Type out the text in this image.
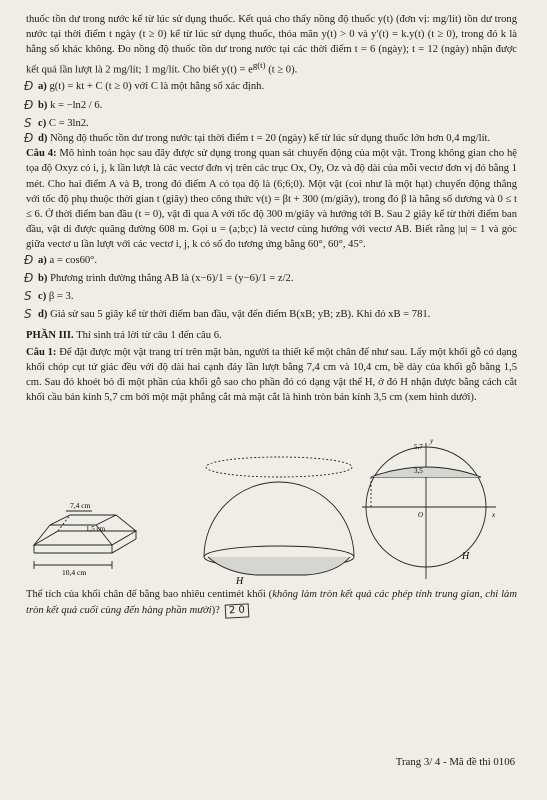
thuốc tồn dư trong nước kể từ lúc sử dụng thuốc. Kết quả cho thấy nồng độ thuốc y(t) (đơn vị: mg/lít) tồn dư trong nước tại thời điểm t ngày (t ≥ 0) kể từ lúc sử dụng thuốc, thỏa mãn y(t) > 0 và y′(t) = k.y(t) (t ≥ 0), trong đó k là hằng số khác không. Đo nồng độ thuốc tồn dư trong nước tại các thời điểm t = 6 (ngày); t = 12 (ngày) nhận được kết quả lần lượt là 2 mg/lít; 1 mg/lít. Cho biết $y(t) = e^{g(t)}$ (t ≥ 0).

Đ a) g(t) = kt + C (t ≥ 0) với C là một hằng số xác định.

Đ b) k = −ln2 / 6.

S c) C = 3ln2.

Đ d) Nồng độ thuốc tồn dư trong nước tại thời điểm t = 20 (ngày) kể từ lúc sử dụng thuốc lớn hơn 0,4 mg/lít.

Câu 4: Mô hình toán học sau đây được sử dụng trong quan sát chuyển động của một vật. Trong không gian cho hệ tọa độ Oxyz có i, j, k lần lượt là các vectơ đơn vị trên các trục Ox, Oy, Oz và độ dài của mỗi vectơ đơn vị đó bằng 1 mét. Cho hai điểm A và B, trong đó điểm A có tọa độ là (6;6;0). Một vật (coi như là một hạt) chuyển động thẳng với tốc độ phụ thuộc thời gian t (giây) theo công thức v(t) = βt + 300 (m/giây), trong đó β là hằng số dương và 0 ≤ t ≤ 6. Ở thời điểm ban đầu (t = 0), vật đi qua A với tốc độ 300 m/giây và hướng tới B. Sau 2 giây kể từ thời điểm ban đầu, vật di được quãng đường 608 m. Gọi u = (a;b;c) là vectơ cùng hướng với vectơ AB. Biết rằng |u| = 1 và góc giữa vectơ u lần lượt với các vectơ i, j, k có số đo tương ứng bằng 60°, 60°, 45°.

Đ a) a = cos60°.

Đ b) Phương trình đường thẳng AB là (x−6)/1 = (y−6)/1 = z/2.

S c) β = 3.

S d) Giả sử sau 5 giây kể từ thời điểm ban đầu, vật đến điểm B(xB; yB; zB). Khi đó xB = 781.

PHẦN III. Thí sinh trả lời từ câu 1 đến câu 6.

Câu 1: Để đặt được một vật trang trí trên mặt bàn, người ta thiết kế một chân đế như sau. Lấy một khối gỗ có dạng khối chóp cụt tứ giác đều với độ dài hai cạnh đáy lần lượt bằng 7,4 cm và 10,4 cm, bề dày của khối gỗ bằng 1,5 cm. Sau đó khoét bỏ đi một phần của khối gỗ sao cho phần đó có dạng vật thể H, ở đó H nhận được bằng cách cắt khối cầu bán kính 5,7 cm bởi một mặt phẳng cắt mà mặt cắt là hình tròn bán kính 3,5 cm (xem hình dưới).

7,4 cm
1,5 cm
10,4 cm
H
y
5,7
3,5
O	x
H

Thể tích của khối chân đế bằng bao nhiêu centimét khối (không làm tròn kết quả các phép tính trung gian, chỉ làm tròn kết quả cuối cùng đến hàng phần mười)? 2 0

Trang 3/ 4 - Mã đề thi 0106
